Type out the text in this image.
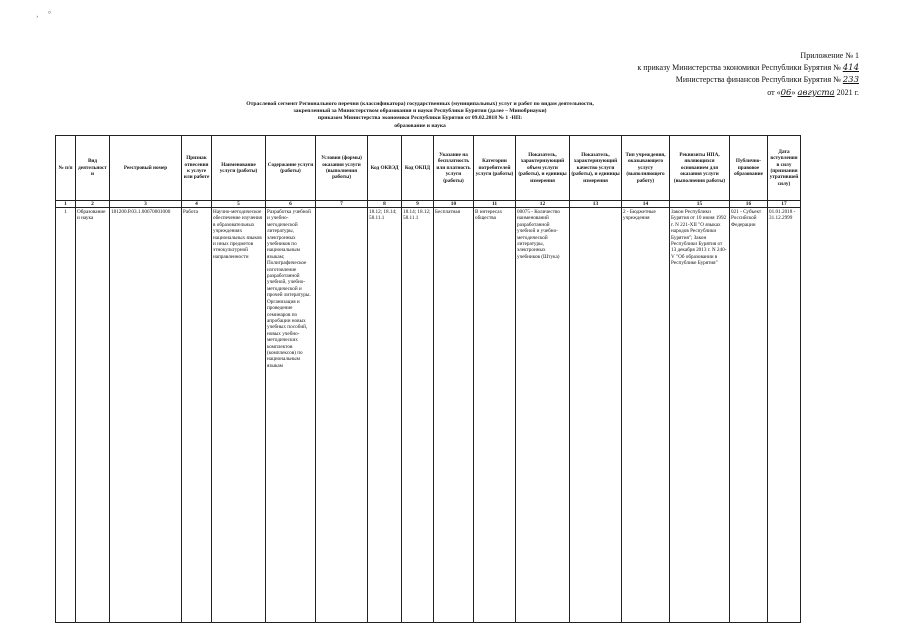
¸ °
Приложение № 1
к приказу Министерства экономики Республики Бурятия № 414
Министерства финансов Республики Бурятия № 233
от «06» августа 2021 г.
Отраслевой сегмент Регионального перечня (классификатора) государственных (муниципальных) услуг и работ по видам деятельности,
закрепленный за Министерством образования и науки Республики Бурятия (далее – Минобрнауки)
приказом Министерства экономики Республики Бурятия от 09.02.2018 № 1 -НП:
образование и наука
№ п/п	Вид деятельности	Реестровый номер	Признак отнесения к услуге или работе	Наименование услуги (работы)	Содержание услуги (работы)	Условия (формы) оказания услуги (выполнения работы)	Код ОКВЭД	Код ОКПД	Указание на бесплатность или платность услуги (работы)	Категории потребителей услуги (работы)	Показатель, характеризующий объем услуги (работы), и единицы измерения	Показатель, характеризующий качество услуги (работы), и единицы измерения	Тип учреждения, оказывающего услугу (выполняющего работу)	Реквизиты НПА, являющихся основанием для оказания услуги (выполнения работы)	Публично-правовое образование	Дата вступления в силу (признания утратившей силу)
1	2	3	4	5	6	7	8	9	10	11	12	13	14	15	16	17
1	Образование и наука	181200.Р.03.1.00670001000	Работа	Научно-методическое обеспечение изучения в образовательных учреждениях национальных языков и иных предметов этнокультурной направленности	Разработка учебной и учебно-методической литературы, электронных учебников по национальным языкам; Полиграфическое изготовление разработанной учебной, учебно-методической и прочей литературы. Организация и проведение семинаров по апробации новых учебных пособий, новых учебно-методических комплектов (комплексов) по национальным языкам		18.12; 18.14; 58.11.1	18.14; 18.12; 58.11.1	Бесплатная	В интересах общества	00075 - Количество наименований разработанной учебной и учебно-методической литературы, электронных учебников (Штука)		2 - Бюджетные учреждения	Закон Республики Бурятия от 10 июня 1992 г. N 221-XII "О языках народов Республики Бурятия"; Закон Республики Бурятия от 13 декабря 2013 г. N 240-V "Об образовании в Республике Бурятия"	021 - Субъект Российской Федерации	01.01.2018 - 31.12.2999
